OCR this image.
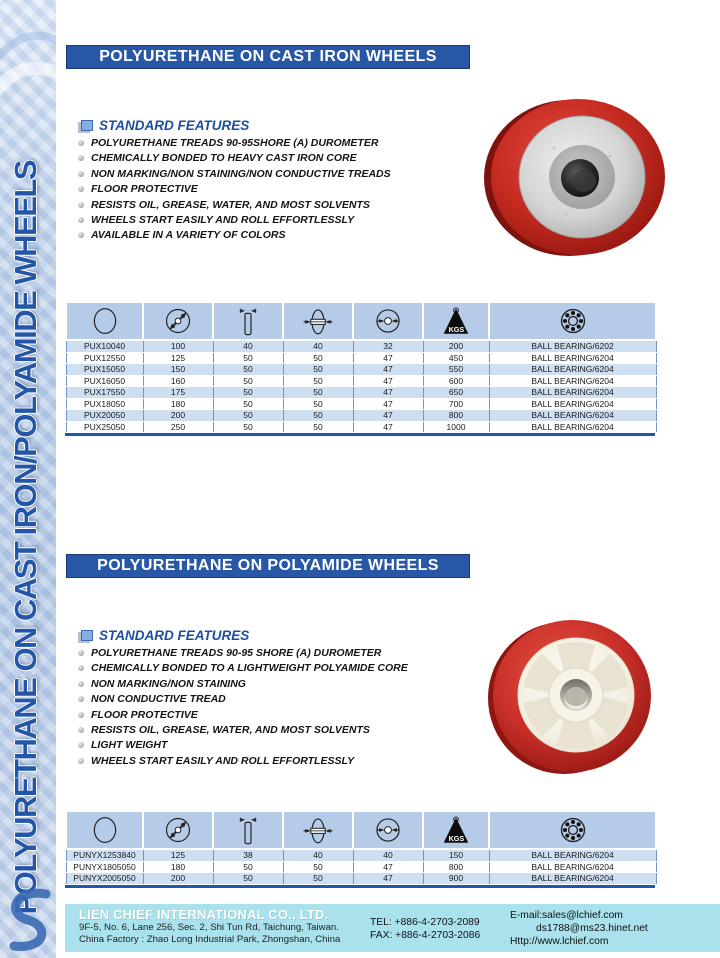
POLYURETHANE ON CAST IRON/POLYAMIDE WHEELS
POLYURETHANE ON CAST IRON WHEELS
STANDARD FEATURES
POLYURETHANE TREADS 90-95SHORE (A) DUROMETER
CHEMICALLY BONDED TO HEAVY CAST IRON CORE
NON MARKING/NON STAINING/NON CONDUCTIVE TREADS
FLOOR PROTECTIVE
RESISTS OIL, GREASE, WATER, AND MOST SOLVENTS
WHEELS START EASILY AND ROLL EFFORTLESSLY
AVAILABLE IN A VARIETY OF COLORS

KGS

PUX10040	100	40	40	32	200	BALL BEARING/6202
PUX12550	125	50	50	47	450	BALL BEARING/6204
PUX15050	150	50	50	47	550	BALL BEARING/6204
PUX16050	160	50	50	47	600	BALL BEARING/6204
PUX17550	175	50	50	47	650	BALL BEARING/6204
PUX18050	180	50	50	47	700	BALL BEARING/6204
PUX20050	200	50	50	47	800	BALL BEARING/6204
PUX25050	250	50	50	47	1000	BALL BEARING/6204
POLYURETHANE ON POLYAMIDE WHEELS
STANDARD FEATURES
POLYURETHANE TREADS 90-95 SHORE (A) DUROMETER
CHEMICALLY BONDED TO A LIGHTWEIGHT POLYAMIDE CORE
NON MARKING/NON STAINING
NON CONDUCTIVE TREAD
FLOOR PROTECTIVE
RESISTS OIL, GREASE, WATER, AND MOST SOLVENTS
LIGHT WEIGHT
WHEELS START EASILY AND ROLL EFFORTLESSLY

KGS

PUNYX1253840	125	38	40	40	150	BALL BEARING/6204
PUNYX1805050	180	50	50	47	800	BALL BEARING/6204
PUNYX2005050	200	50	50	47	900	BALL BEARING/6204
LIEN CHIEF INTERNATIONAL CO., LTD.
9F-5, No. 6, Lane 256, Sec. 2, Shi Tun Rd, Taichung, Taiwan.
China Factory : Zhao Long Industrial Park, Zhongshan, China
TEL: +886-4-2703-2089
FAX: +886-4-2703-2086
E-mail:sales@lchief.com
ds1788@ms23.hinet.net
Http://www.lchief.com
